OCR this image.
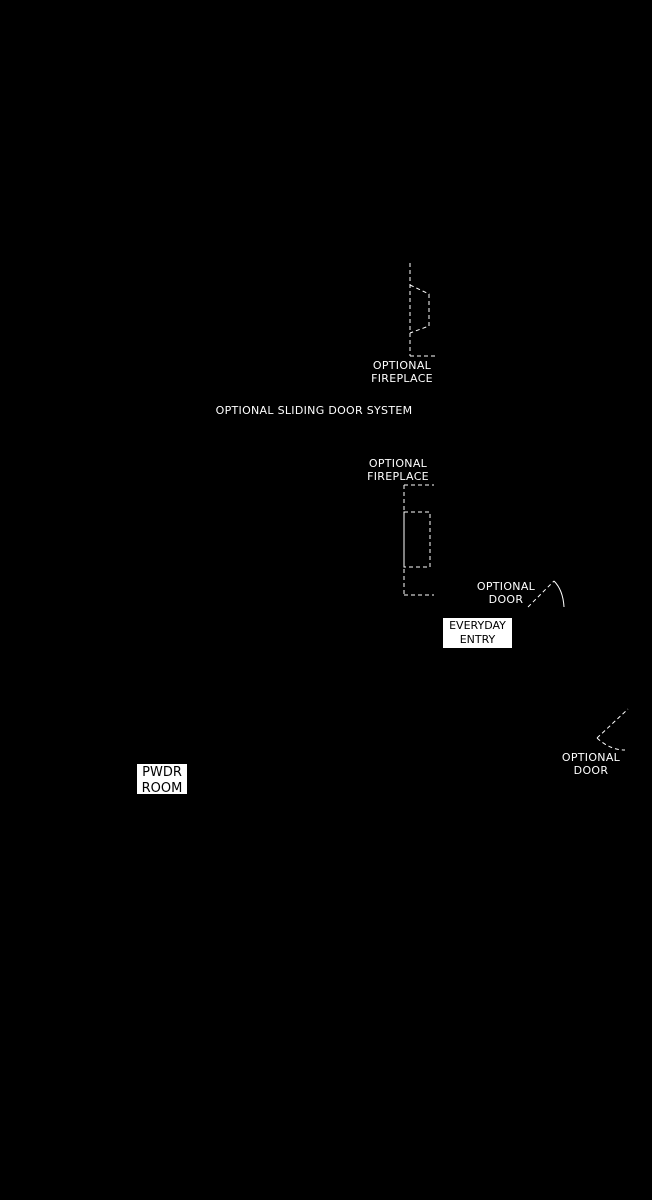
OPTIONAL
FIREPLACE
OPTIONAL SLIDING DOOR SYSTEM
OPTIONAL
FIREPLACE
OPTIONAL
DOOR
EVERYDAY
ENTRY
OPTIONAL
DOOR
PWDR
ROOM
